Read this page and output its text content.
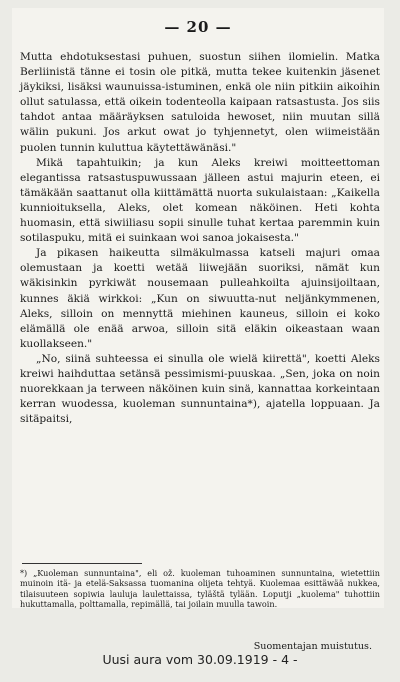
— 20 —

Mutta ehdotuksestasi puhuen, suostun siihen ilomielin. Matka Berliinistä tänne ei tosin ole pitkä, mutta tekee kuitenkin jäsenet jäykiksi, lisäksi waunuissa-istuminen, enkä ole niin pitkiin aikoihin ollut satulassa, että oikein todenteolla kaipaan ratsastusta. Jos siis tahdot antaa määräyksen satuloida hewoset, niin muutan sillä wälin pukuni. Jos arkut owat jo tyhjennetyt, olen wiimeistään puolen tunnin kuluttua käytettäwänäsi."

Mikä tapahtuikin; ja kun Aleks kreiwi moitteettoman elegantissa ratsastuspuwussaan jälleen astui majurin eteen, ei tämäkään saattanut olla kiittämättä nuorta sukulaistaan: „Kaikella kunnioituksella, Aleks, olet komean näköinen. Heti kohta huomasin, että siwiiliasu sopii sinulle tuhat kertaa paremmin kuin sotilaspuku, mitä ei suinkaan woi sanoa jokaisesta."

Ja pikasen haikeutta silmäkulmassa katseli majuri omaa olemustaan ja koetti wetää liiwejään suoriksi, nämät kun wäkisinkin pyrkiwät nousemaan pulleahkoilta ajuinsijoiltaan, kunnes äkiä wirkkoi: „Kun on siwuutta-nut neljänkymmenen, Aleks, silloin on mennyttä miehinen kauneus, silloin ei koko elämällä ole enää arwoa, silloin sitä eläkin oikeastaan waan kuollakseen."

„No, siinä suhteessa ei sinulla ole wielä kiirettä", koetti Aleks kreiwi haihduttaa setänsä pessimismi-puuskaa. „Sen, joka on noin nuorekkaan ja terween näköinen kuin sinä, kannattaa korkeintaan kerran wuodessa, kuoleman sunnuntaina*), ajatella loppuaan. Ja sitäpaitsi,

*) „Kuoleman sunnuntaina", eli ož. kuoleman tuhoaminen sunnuntaina, wietettiin muinoin itä- ja etelä-Saksassa tuomanina olijeta tehtyä. Kuolemaa esittäwää nukkea, tilaisuuteen sopiwia lauluja laulettaissa, tyläštä tylään. Loputji „kuolema" tuhottiin hukuttamalla, polttamalla, repimällä, tai joilain muulla tawoin.

Suomentajan muistutus.
Uusi aura vom 30.09.1919 - 4 -
